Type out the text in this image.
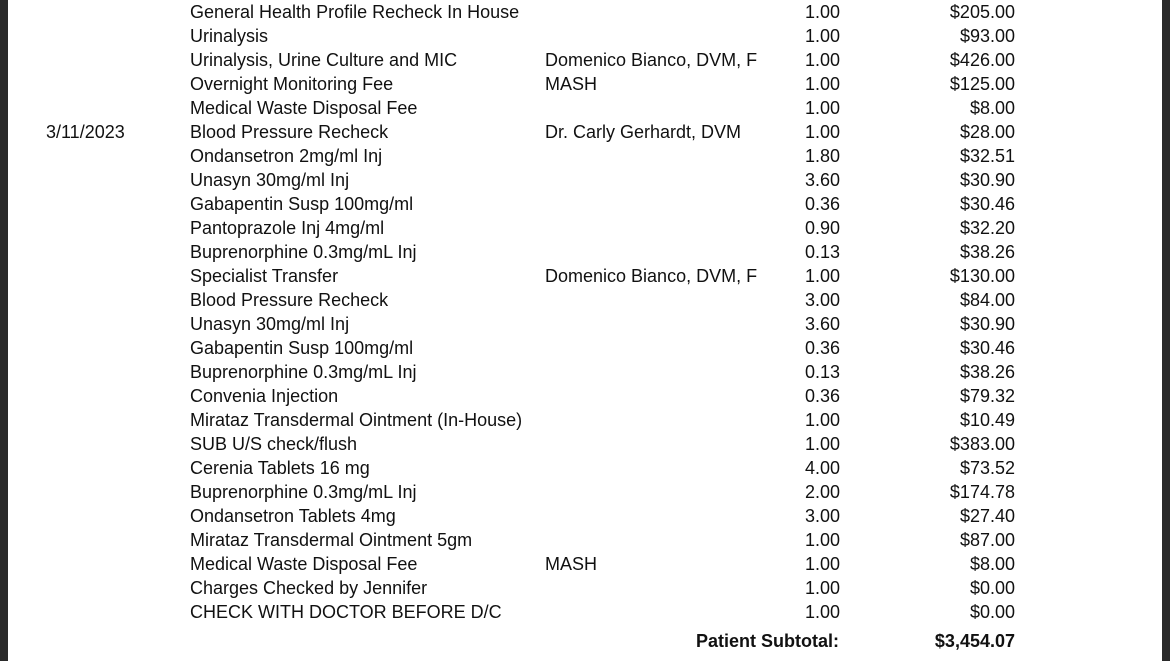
General Health Profile Recheck In House	1.00	$205.00
Urinalysis	1.00	$93.00
Urinalysis, Urine Culture and MIC	Domenico Bianco, DVM, F	1.00	$426.00
Overnight Monitoring Fee	MASH	1.00	$125.00
Medical Waste Disposal Fee	1.00	$8.00
3/11/2023	Blood Pressure Recheck	Dr. Carly Gerhardt, DVM	1.00	$28.00
Ondansetron 2mg/ml Inj	1.80	$32.51
Unasyn 30mg/ml Inj	3.60	$30.90
Gabapentin Susp 100mg/ml	0.36	$30.46
Pantoprazole Inj 4mg/ml	0.90	$32.20
Buprenorphine 0.3mg/mL Inj	0.13	$38.26
Specialist Transfer	Domenico Bianco, DVM, F	1.00	$130.00
Blood Pressure Recheck	3.00	$84.00
Unasyn 30mg/ml Inj	3.60	$30.90
Gabapentin Susp 100mg/ml	0.36	$30.46
Buprenorphine 0.3mg/mL Inj	0.13	$38.26
Convenia Injection	0.36	$79.32
Mirataz Transdermal Ointment (In-House)	1.00	$10.49
SUB U/S check/flush	1.00	$383.00
Cerenia Tablets 16 mg	4.00	$73.52
Buprenorphine 0.3mg/mL Inj	2.00	$174.78
Ondansetron Tablets 4mg	3.00	$27.40
Mirataz Transdermal Ointment 5gm	1.00	$87.00
Medical Waste Disposal Fee	MASH	1.00	$8.00
Charges Checked by Jennifer	1.00	$0.00
CHECK WITH DOCTOR BEFORE D/C	1.00	$0.00
Patient Subtotal:	$3,454.07
